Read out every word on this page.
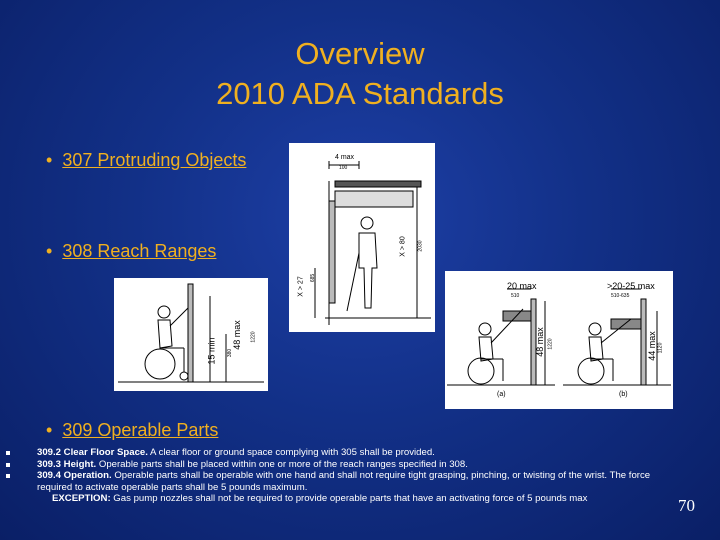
Overview
2010 ADA Standards
• 307 Protruding Objects	4 max
100
X > 27 685
X > 80 2030
• 308 Reach Ranges
15 min 380
48 max 1220
20 max
510
48 max 1220
(a)
>20-25 max
510-635
44 max 1120
(b)
• 309 Operable Parts
309.2 Clear Floor Space. A clear floor or ground space complying with 305 shall be provided.
309.3 Height. Operable parts shall be placed within one or more of the reach ranges specified in 308.
309.4 Operation. Operable parts shall be operable with one hand and shall not require tight grasping, pinching, or twisting of the wrist. The force required to activate operable parts shall be 5 pounds maximum.
EXCEPTION: Gas pump nozzles shall not be required to provide operable parts that have an activating force of 5 pounds max	70
